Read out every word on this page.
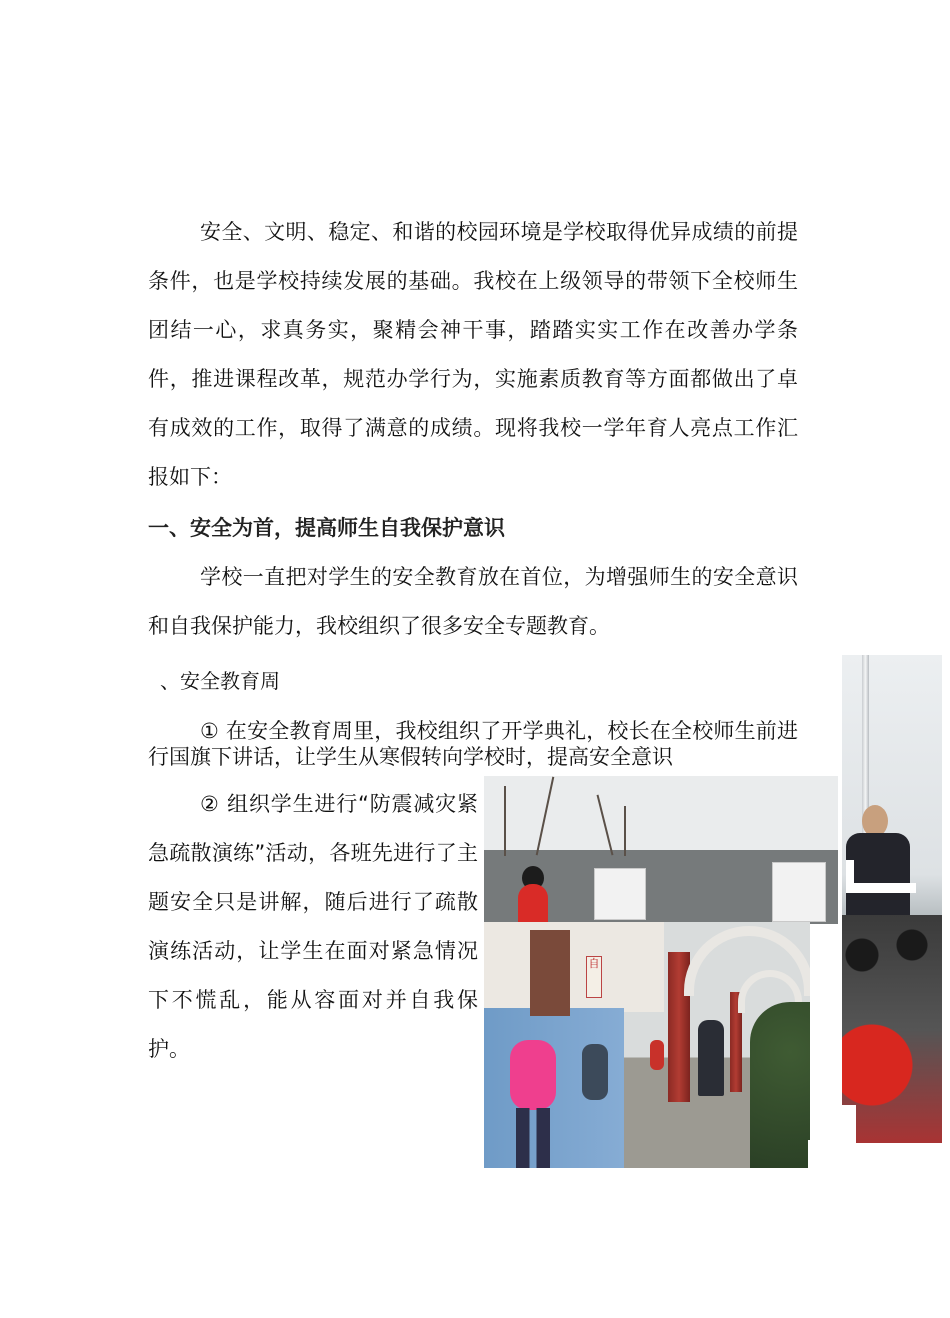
安全、文明、稳定、和谐的校园环境是学校取得优异成绩的前提条件，也是学校持续发展的基础。我校在上级领导的带领下全校师生团结一心，求真务实，聚精会神干事，踏踏实实工作在改善办学条件，推进课程改革，规范办学行为，实施素质教育等方面都做出了卓有成效的工作，取得了满意的成绩。现将我校一学年育人亮点工作汇报如下：

一、安全为首，提高师生自我保护意识

学校一直把对学生的安全教育放在首位，为增强师生的安全意识和自我保护能力，我校组织了很多安全专题教育。

、安全教育周

① 在安全教育周里，我校组织了开学典礼，校长在全校师生前进行国旗下讲话，让学生从寒假转向学校时，提高安全意识

② 组织学生进行“防震减灾紧急疏散演练”活动，各班先进行了主题安全只是讲解，随后进行了疏散演练活动，让学生在面对紧急情况下不慌乱，能从容面对并自我保护。

自
